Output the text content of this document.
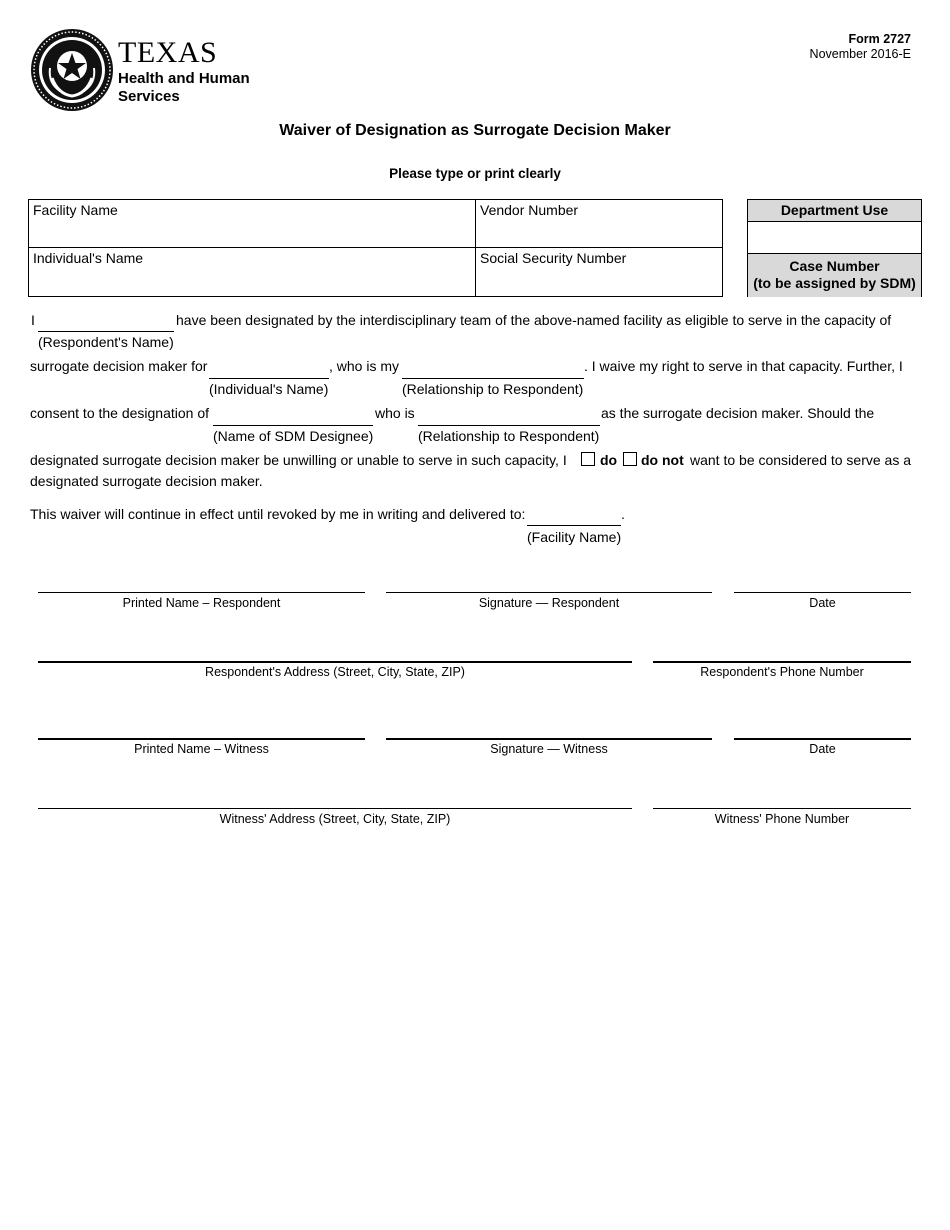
TEXAS
Health and Human
Services
Form 2727
November 2016-E
Waiver of Designation as Surrogate Decision Maker
Please type or print clearly
Facility Name	Vendor Number
Individual's Name	Social Security Number
Department Use
Case Number
(to be assigned by SDM)
I	have been designated by the interdisciplinary team of the above-named facility as eligible to serve in the capacity of
(Respondent's Name)
surrogate decision maker for	, who is my	. I waive my right to serve in that capacity. Further, I
(Individual's Name)	(Relationship to Respondent)
consent to the designation of	who is	as the surrogate decision maker. Should the
(Name of SDM Designee)	(Relationship to Respondent)
designated surrogate decision maker be unwilling or unable to serve in such capacity, I do do not want to be considered to serve as a
designated surrogate decision maker.
This waiver will continue in effect until revoked by me in writing and delivered to:	.
(Facility Name)
Printed Name – Respondent	Signature — Respondent	Date
Respondent's Address (Street, City, State, ZIP)	Respondent's Phone Number
Printed Name – Witness	Signature — Witness	Date
Witness' Address (Street, City, State, ZIP)	Witness' Phone Number
